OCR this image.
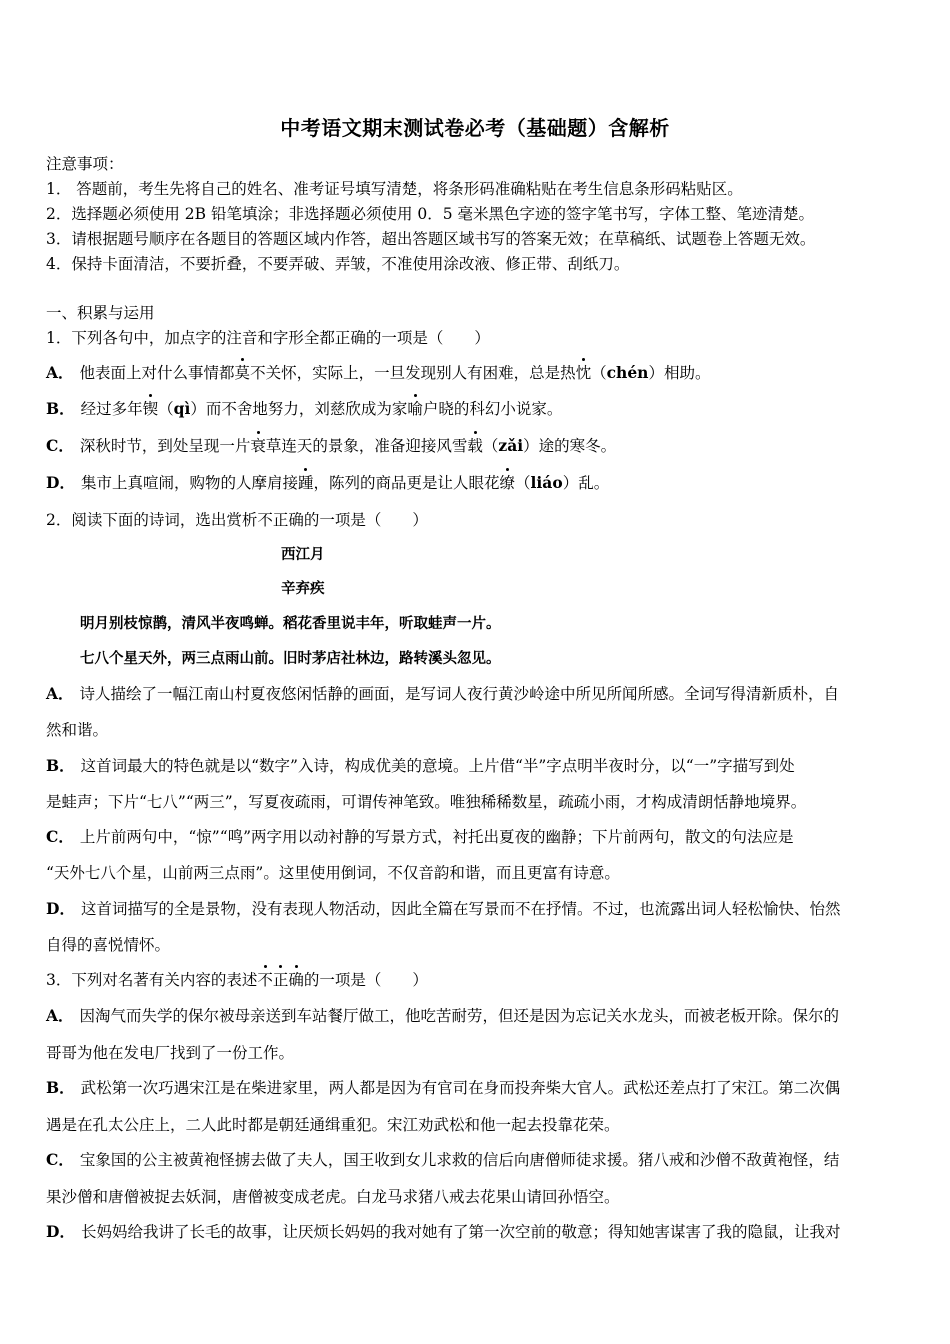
中考语文期末测试卷必考（基础题）含解析
注意事项：
1． 答题前，考生先将自己的姓名、准考证号填写清楚，将条形码准确粘贴在考生信息条形码粘贴区。
2．选择题必须使用 2B 铅笔填涂；非选择题必须使用 0．5 毫米黑色字迹的签字笔书写，字体工整、笔迹清楚。
3．请根据题号顺序在各题目的答题区域内作答，超出答题区域书写的答案无效；在草稿纸、试题卷上答题无效。
4．保持卡面清洁，不要折叠，不要弄破、弄皱，不准使用涂改液、修正带、刮纸刀。
一、积累与运用
1．下列各句中，加点字的注音和字形全都正确的一项是（　　）
A． 他表面上对什么事情都莫不关怀，实际上，一旦发现别人有困难，总是热忱（chén）相助。
B． 经过多年锲（qì）而不舍地努力，刘慈欣成为家喻户晓的科幻小说家。
C． 深秋时节，到处呈现一片衰草连天的景象，准备迎接风雪载（zǎi）途的寒冬。
D． 集市上真喧闹，购物的人摩肩接踵，陈列的商品更是让人眼花缭（liáo）乱。
2．阅读下面的诗词，选出赏析不正确的一项是（　　）
西江月
辛弃疾
明月别枝惊鹊，清风半夜鸣蝉。稻花香里说丰年，听取蛙声一片。
七八个星天外，两三点雨山前。旧时茅店社林边，路转溪头忽见。
A． 诗人描绘了一幅江南山村夏夜悠闲恬静的画面，是写词人夜行黄沙岭途中所见所闻所感。全词写得清新质朴，自
然和谐。
B． 这首词最大的特色就是以“数字”入诗，构成优美的意境。上片借“半”字点明半夜时分，以“一”字描写到处
是蛙声；下片“七八”“两三”，写夏夜疏雨，可谓传神笔致。唯独稀稀数星，疏疏小雨，才构成清朗恬静地境界。
C． 上片前两句中，“惊”“鸣”两字用以动衬静的写景方式，衬托出夏夜的幽静；下片前两句，散文的句法应是
“天外七八个星，山前两三点雨”。这里使用倒词，不仅音韵和谐，而且更富有诗意。
D． 这首词描写的全是景物，没有表现人物活动，因此全篇在写景而不在抒情。不过，也流露出词人轻松愉快、怡然
自得的喜悦情怀。
3．下列对名著有关内容的表述不正确的一项是（　　）
A． 因淘气而失学的保尔被母亲送到车站餐厅做工，他吃苦耐劳，但还是因为忘记关水龙头，而被老板开除。保尔的
哥哥为他在发电厂找到了一份工作。
B． 武松第一次巧遇宋江是在柴进家里，两人都是因为有官司在身而投奔柴大官人。武松还差点打了宋江。第二次偶
遇是在孔太公庄上，二人此时都是朝廷通缉重犯。宋江劝武松和他一起去投靠花荣。
C． 宝象国的公主被黄袍怪掳去做了夫人，国王收到女儿求救的信后向唐僧师徒求援。猪八戒和沙僧不敌黄袍怪，结
果沙僧和唐僧被捉去妖洞，唐僧被变成老虎。白龙马求猪八戒去花果山请回孙悟空。
D． 长妈妈给我讲了长毛的故事，让厌烦长妈妈的我对她有了第一次空前的敬意；得知她害谋害了我的隐鼠，让我对
